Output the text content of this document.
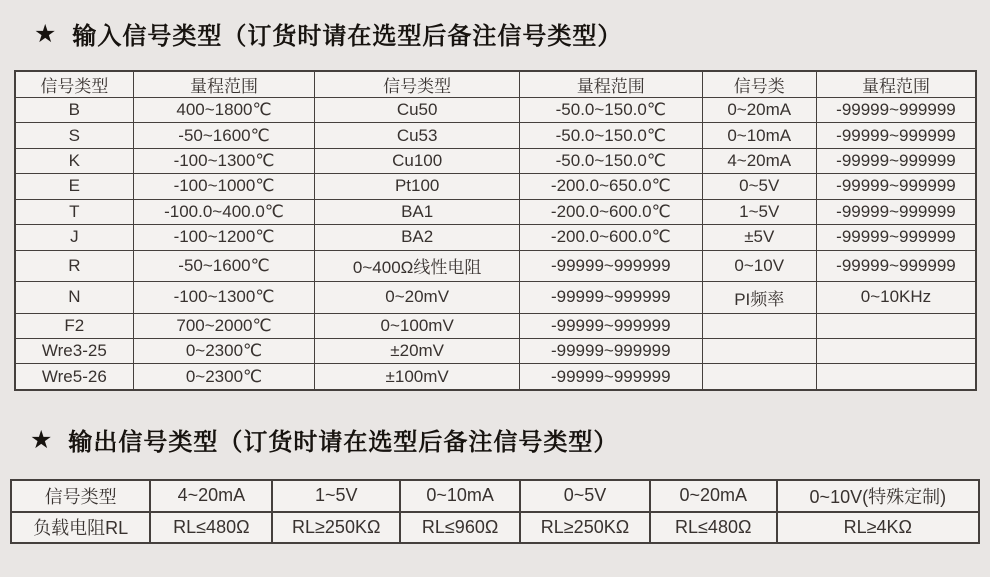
★ 输入信号类型（订货时请在选型后备注信号类型）
信号类型	量程范围	信号类型	量程范围	信号类	量程范围
B	400~1800℃	Cu50	-50.0~150.0℃	0~20mA	-99999~999999
S	-50~1600℃	Cu53	-50.0~150.0℃	0~10mA	-99999~999999
K	-100~1300℃	Cu100	-50.0~150.0℃	4~20mA	-99999~999999
E	-100~1000℃	Pt100	-200.0~650.0℃	0~5V	-99999~999999
T	-100.0~400.0℃	BA1	-200.0~600.0℃	1~5V	-99999~999999
J	-100~1200℃	BA2	-200.0~600.0℃	±5V	-99999~999999
R	-50~1600℃	0~400Ω线性电阻	-99999~999999	0~10V	-99999~999999
N	-100~1300℃	0~20mV	-99999~999999	PI频率	0~10KHz
F2	700~2000℃	0~100mV	-99999~999999		
Wre3-25	0~2300℃	±20mV	-99999~999999		
Wre5-26	0~2300℃	±100mV	-99999~999999		
★ 输出信号类型（订货时请在选型后备注信号类型）
信号类型	4~20mA	1~5V	0~10mA	0~5V	0~20mA	0~10V(特殊定制)
负载电阻RL	RL≤480Ω	RL≥250KΩ	RL≤960Ω	RL≥250KΩ	RL≤480Ω	RL≥4KΩ
